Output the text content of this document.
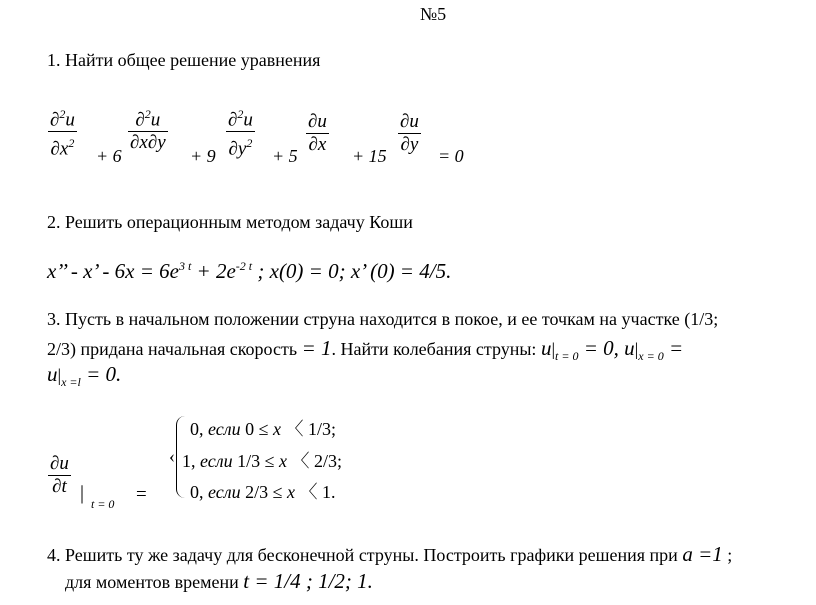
№5
1. Найти общее решение уравнения
∂$^2$u
$\partial x^2$
+ 6
∂$^2$u
∂x∂y
+ 9
∂$^2$u
$\partial y^2$
+ 5
∂u
∂x
+ 15
∂u
∂y
= 0
2. Решить операционным методом задачу Коши
x’’ - x’ - $6x = 6e^{3 t} + 2e^{-2 t}$ ; x(0) = 0; x’ (0) = 4/5.
3. Пусть в начальном положении струна находится в покое, и ее точкам на участке (1/3;
2/3) придана начальная скорость = 1. Найти колебания струны: $u|_{t = 0} = 0$, $u|_{x = 0}$ =
$u|_{x =l} = 0$.
∂u
∂t | t = 0 =
‹
0, если 0 ≤ x 〈 1/3;
1, если 1/3 ≤ x 〈 2/3;
0, если 2/3 ≤ x 〈 1.
4. Решить ту же задачу для бесконечной струны. Построить графики решения при a =1 ;
для моментов времени t = 1/4 ; 1/2; 1.
